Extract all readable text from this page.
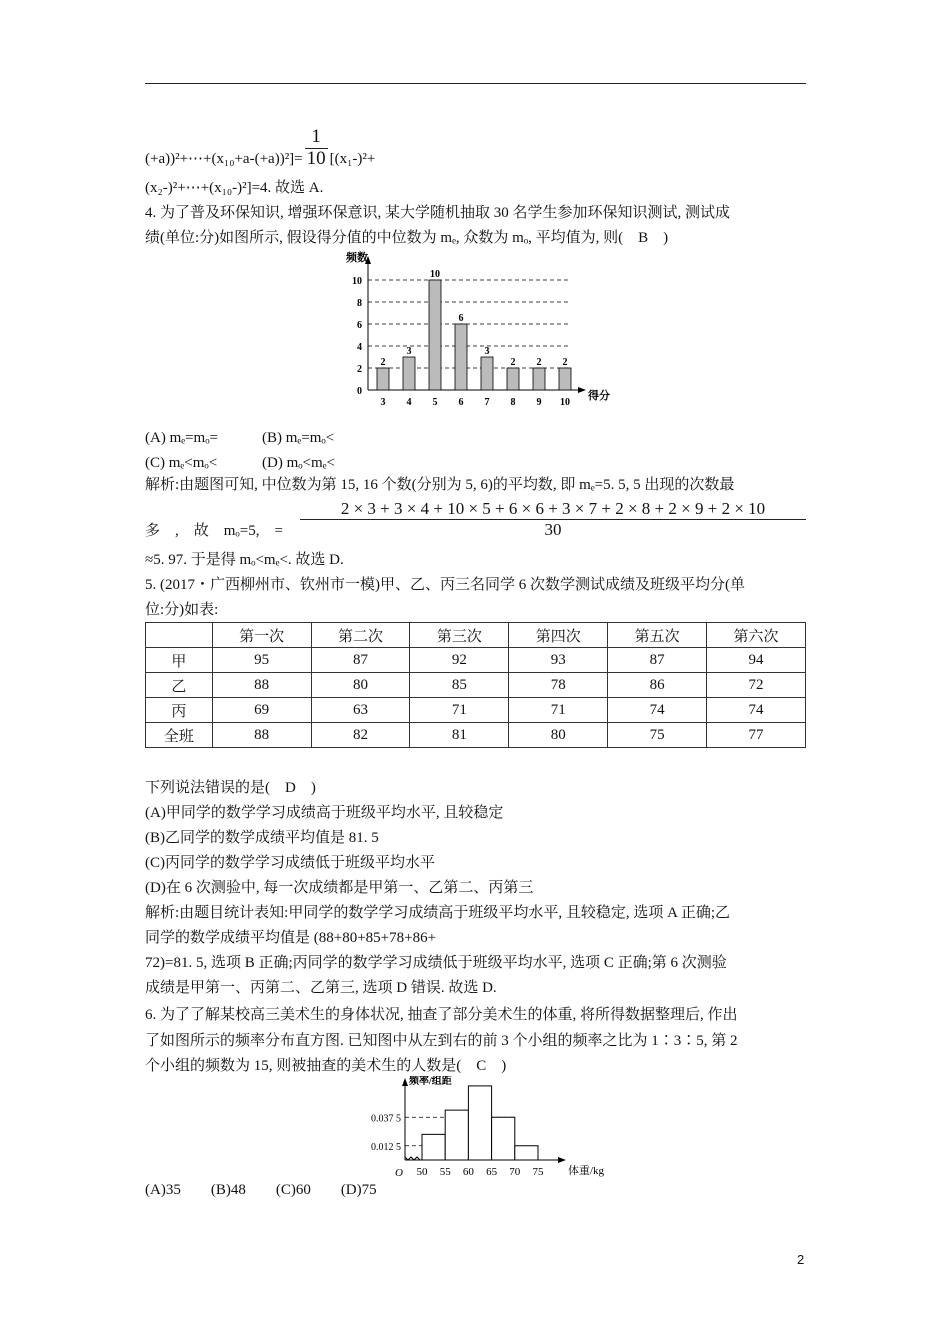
(+a))²+⋯+(x₁₀+a-(+a))²]= $\frac{1}{10} [(x_1-)^2+$
(x₂-)²+⋯+(x₁₀-)²]=4. 故选 A.
4. 为了普及环保知识, 增强环保意识, 某大学随机抽取 30 名学生参加环保知识测试, 测试成
绩(单位:分)如图所示, 假设得分值的中位数为 mₑ, 众数为 mₒ, 平均值为, 则(　B　)
频数
得分
0
2
4
6
8
10
2
3
3
4
10
5
6
6
3
7
2
8
2
9
2
10
(A) mₑ=mₒ=	(B) mₑ=mₒ<
(C) mₑ<mₒ<	(D) mₒ<mₑ<
解析:由题图可知, 中位数为第 15, 16 个数(分别为 5, 6)的平均数, 即 mₑ=5. 5, 5 出现的次数最
2 × 3 + 3 × 4 + 10 × 5 + 6 × 6 + 3 × 7 + 2 × 8 + 2 × 9 + 2 × 10
30
多　,　故　mₒ=5,　=
≈5. 97. 于是得 mₒ<mₑ<. 故选 D.
5. (2017・广西柳州市、钦州市一模)甲、乙、丙三名同学 6 次数学测试成绩及班级平均分(单
位:分)如表:
	第一次	第二次	第三次	第四次	第五次	第六次
甲	95	87	92	93	87	94
乙	88	80	85	78	86	72
丙	69	63	71	71	74	74
全班	88	82	81	80	75	77
下列说法错误的是(　D　)
(A)甲同学的数学学习成绩高于班级平均水平, 且较稳定
(B)乙同学的数学成绩平均值是 81. 5
(C)丙同学的数学学习成绩低于班级平均水平
(D)在 6 次测验中, 每一次成绩都是甲第一、乙第二、丙第三
解析:由题目统计表知:甲同学的数学学习成绩高于班级平均水平, 且较稳定, 选项 A 正确;乙
同学的数学成绩平均值是 (88+80+85+78+86+
72)=81. 5, 选项 B 正确;丙同学的数学学习成绩低于班级平均水平, 选项 C 正确;第 6 次测验
成绩是甲第一、丙第二、乙第三, 选项 D 错误. 故选 D.
6. 为了了解某校高三美术生的身体状况, 抽查了部分美术生的体重, 将所得数据整理后, 作出
了如图所示的频率分布直方图. 已知图中从左到右的前 3 个小组的频率之比为 1∶3∶5, 第 2
个小组的频数为 15, 则被抽查的美术生的人数是(　C　)
频率/组距
体重/kg
O
0.037 5
0.012 5
50 55 60 65 70 75
(A)35　　(B)48　　(C)60　　(D)75
2
